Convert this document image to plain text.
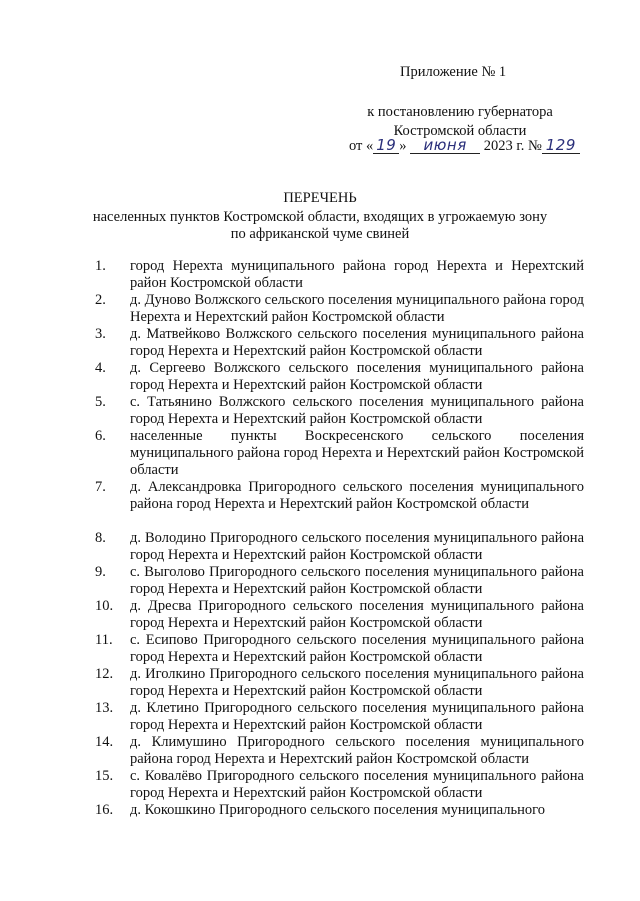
Приложение № 1
к постановлению губернатора
Костромской области
от « 19 » июня 2023 г. № 129
ПЕРЕЧЕНЬ
населенных пунктов Костромской области, входящих в угрожаемую зону
по африканской чуме свиней
1. город Нерехта муниципального района город Нерехта и Нерехтский район Костромской области
2. д. Дуново Волжского сельского поселения муниципального района город Нерехта и Нерехтский район Костромской области
3. д. Матвейково Волжского сельского поселения муниципального района город Нерехта и Нерехтский район Костромской области
4. д. Сергеево Волжского сельского поселения муниципального района город Нерехта и Нерехтский район Костромской области
5. с. Татьянино Волжского сельского поселения муниципального района город Нерехта и Нерехтский район Костромской области
6. населенные пункты Воскресенского сельского поселения муниципального района город Нерехта и Нерехтский район Костромской области
7. д. Александровка Пригородного сельского поселения муниципального района город Нерехта и Нерехтский район Костромской области
8. д. Володино Пригородного сельского поселения муниципального района город Нерехта и Нерехтский район Костромской области
9. с. Выголово Пригородного сельского поселения муниципального района город Нерехта и Нерехтский район Костромской области
10. д. Дресва Пригородного сельского поселения муниципального района город Нерехта и Нерехтский район Костромской области
11. с. Есипово Пригородного сельского поселения муниципального района город Нерехта и Нерехтский район Костромской области
12. д. Иголкино Пригородного сельского поселения муниципального района город Нерехта и Нерехтский район Костромской области
13. д. Клетино Пригородного сельского поселения муниципального района город Нерехта и Нерехтский район Костромской области
14. д. Климушино Пригородного сельского поселения муниципального района город Нерехта и Нерехтский район Костромской области
15. с. Ковалёво Пригородного сельского поселения муниципального района город Нерехта и Нерехтский район Костромской области
16. д. Кокошкино Пригородного сельского поселения муниципального
